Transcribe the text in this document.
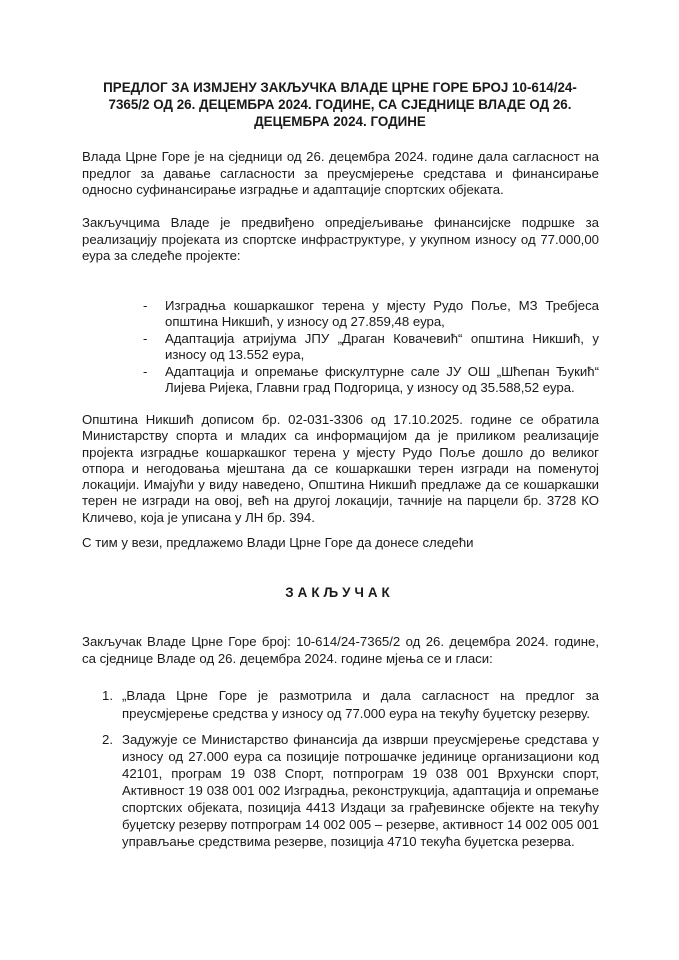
ПРЕДЛОГ ЗА ИЗМЈЕНУ ЗАКЉУЧКА ВЛАДЕ ЦРНЕ ГОРЕ БРОЈ 10-614/24-7365/2 ОД 26. ДЕЦЕМБРА 2024. ГОДИНЕ, СА СЈЕДНИЦЕ ВЛАДЕ ОД 26. ДЕЦЕМБРА 2024. ГОДИНЕ
Влада Црне Горе је на сједници од 26. децембра 2024. године дала сагласност на предлог за давање сагласности за преусмјерење средстава и финансирање односно суфинансирање изградње и адаптације спортских објеката.
Закључцима Владе је предвиђено опредјељивање финансијске подршке за реализацију пројеката из спортске инфраструктуре, у укупном износу од 77.000,00 еура за следеће пројекте:
- Изградња кошаркашког терена у мјесту Рудо Поље, МЗ Требјеса општина Никшић, у износу од 27.859,48 еура,
- Адаптација атријума ЈПУ „Драган Ковачевић“ општина Никшић, у износу од 13.552 еура,
- Адаптација и опремање фискултурне сале ЈУ ОШ „Шћепан Ђукић“ Лијева Ријека, Главни град Подгорица, у износу од 35.588,52 еура.
Општина Никшић дописом бр. 02-031-3306 од 17.10.2025. године се обратила Министарству спорта и младих са информацијом да је приликом реализације пројекта изградње кошаркашког терена у мјесту Рудо Поље дошло до великог отпора и негодовања мјештана да се кошаркашки терен изгради на поменутој локацији. Имајући у виду наведено, Општина Никшић предлаже да се кошаркашки терен не изгради на овој, већ на другој локацији, тачније на парцели бр. 3728 КО Кличево, која је уписана у ЛН бр. 394.
С тим у вези, предлажемо Влади Црне Горе да донесе следећи
ЗАКЉУЧАК
Закључак Владе Црне Горе број: 10-614/24-7365/2 од 26. децембра 2024. године, са сједнице Владе од 26. децембра 2024. године мјења се и гласи:
1. „Влада Црне Горе је размотрила и дала сагласност на предлог за преусмјерење средства у износу од 77.000 еура на текућу буџетску резерву.
2. Задужује се Министарство финансија да изврши преусмјерење средстава у износу од 27.000 еура са позиције потрошачке јединице организациони код 42101, програм 19 038 Спорт, потпрограм 19 038 001 Врхунски спорт, Активност 19 038 001 002 Изградња, реконструкција, адаптација и опремање спортских објеката, позиција 4413 Издаци за грађевинске објекте на текућу буџетску резерву потпрограм 14 002 005 – резерве, активност 14 002 005 001 управљање средствима резерве, позиција 4710 текућа буџетска резерва.
